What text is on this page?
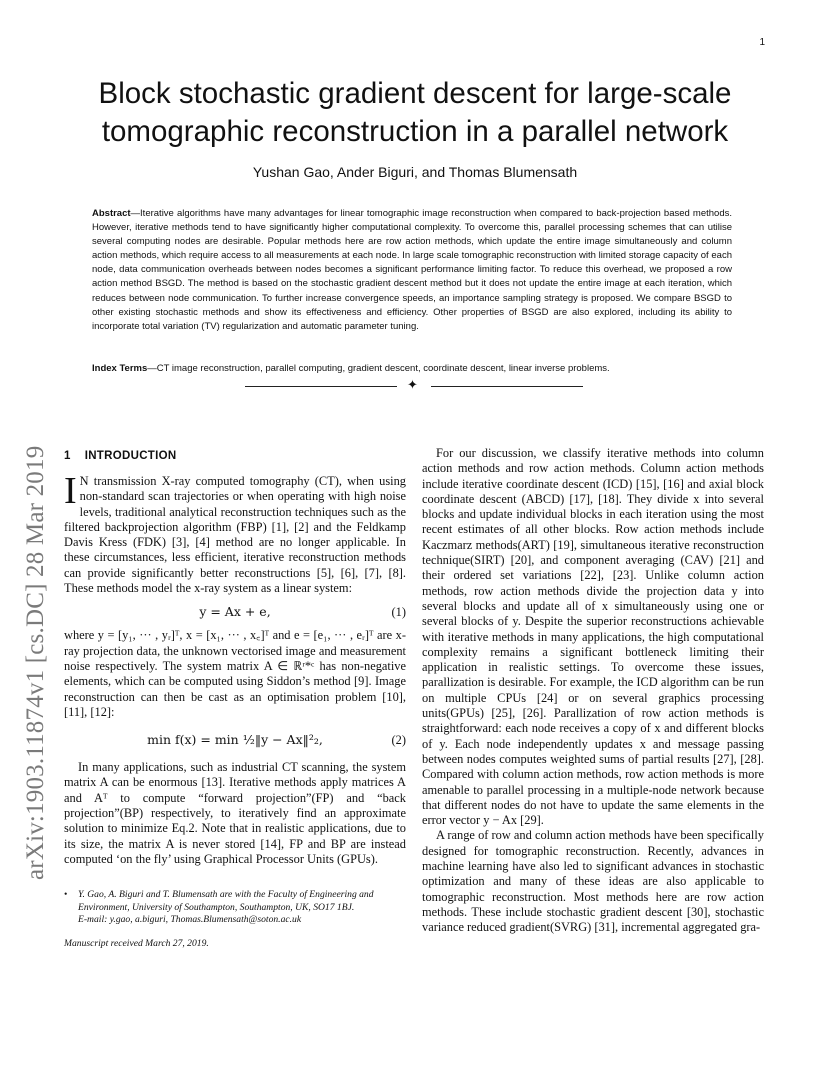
1
arXiv:1903.11874v1 [cs.DC] 28 Mar 2019
Block stochastic gradient descent for large-scale tomographic reconstruction in a parallel network
Yushan Gao, Ander Biguri, and Thomas Blumensath

Abstract—Iterative algorithms have many advantages for linear tomographic image reconstruction when compared to back-projection based methods. However, iterative methods tend to have significantly higher computational complexity. To overcome this, parallel processing schemes that can utilise several computing nodes are desirable. Popular methods here are row action methods, which update the entire image simultaneously and column action methods, which require access to all measurements at each node. In large scale tomographic reconstruction with limited storage capacity of each node, data communication overheads between nodes becomes a significant performance limiting factor. To reduce this overhead, we proposed a row action method BSGD. The method is based on the stochastic gradient descent method but it does not update the entire image at each iteration, which reduces between node communication. To further increase convergence speeds, an importance sampling strategy is proposed. We compare BSGD to other existing stochastic methods and show its effectiveness and efficiency. Other properties of BSGD are also explored, including its ability to incorporate total variation (TV) regularization and automatic parameter tuning.

Index Terms—CT image reconstruction, parallel computing, gradient descent, coordinate descent, linear inverse problems.

✦
1 INTRODUCTION

I N transmission X-ray computed tomography (CT), when using non-standard scan trajectories or when operating with high noise levels, traditional analytical reconstruction techniques such as the filtered backprojection algorithm (FBP) [1], [2] and the Feldkamp Davis Kress (FDK) [3], [4] method are no longer applicable. In these circumstances, less efficient, iterative reconstruction methods can provide significantly better reconstructions [5], [6], [7], [8]. These methods model the x-ray system as a linear system:

y = Ax + e,	(1)

where y = [y₁, ··· , yᵣ]ᵀ, x = [x₁, ··· , x꜀]ᵀ and e = [e₁, ··· , eᵣ]ᵀ are x-ray projection data, the unknown vectorised image and measurement noise respectively. The system matrix A ∈ ℝʳ*ᶜ has non-negative elements, which can be computed using Siddon’s method [9]. Image reconstruction can then be cast as an optimisation problem [10], [11], [12]:

min f(x) = min ½‖y − Ax‖²₂,	(2)

In many applications, such as industrial CT scanning, the system matrix A can be enormous [13]. Iterative methods apply matrices A and Aᵀ to compute “forward projection”(FP) and “back projection”(BP) respectively, to iteratively find an approximate solution to minimize Eq.2. Note that in realistic applications, due to its size, the matrix A is never stored [14], FP and BP are instead computed ‘on the fly’ using Graphical Processor Units (GPUs).

• Y. Gao, A. Biguri and T. Blumensath are with the Faculty of Engineering and Environment, University of Southampton, Southampton, UK, SO17 1BJ.
E-mail: y.gao, a.biguri, Thomas.Blumensath@soton.ac.uk
Manuscript received March 27, 2019.

For our discussion, we classify iterative methods into column action methods and row action methods. Column action methods include iterative coordinate descent (ICD) [15], [16] and axial block coordinate descent (ABCD) [17], [18]. They divide x into several blocks and update individual blocks in each iteration using the most recent estimates of all other blocks. Row action methods include Kaczmarz methods(ART) [19], simultaneous iterative reconstruction technique(SIRT) [20], and component averaging (CAV) [21] and their ordered set variations [22], [23]. Unlike column action methods, row action methods divide the projection data y into several blocks and update all of x simultaneously using one or several blocks of y. Despite the superior reconstructions achievable with iterative methods in many applications, the high computational complexity remains a significant bottleneck limiting their application in realistic settings. To overcome these issues, parallization is desirable. For example, the ICD algorithm can be run on multiple CPUs [24] or on several graphics processing units(GPUs) [25], [26]. Parallization of row action methods is straightforward: each node receives a copy of x and different blocks of y. Each node independently updates x and message passing between nodes computes weighted sums of partial results [27], [28]. Compared with column action methods, row action methods is more amenable to parallel processing in a multiple-node network because that different nodes do not have to update the same elements in the error vector y − Ax [29].

A range of row and column action methods have been specifically designed for tomographic reconstruction. Recently, advances in machine learning have also led to significant advances in stochastic optimization and many of these ideas are also applicable to tomographic reconstruction. Most methods here are row action methods. These include stochastic gradient descent [30], stochastic variance reduced gradient(SVRG) [31], incremental aggregated gra-
